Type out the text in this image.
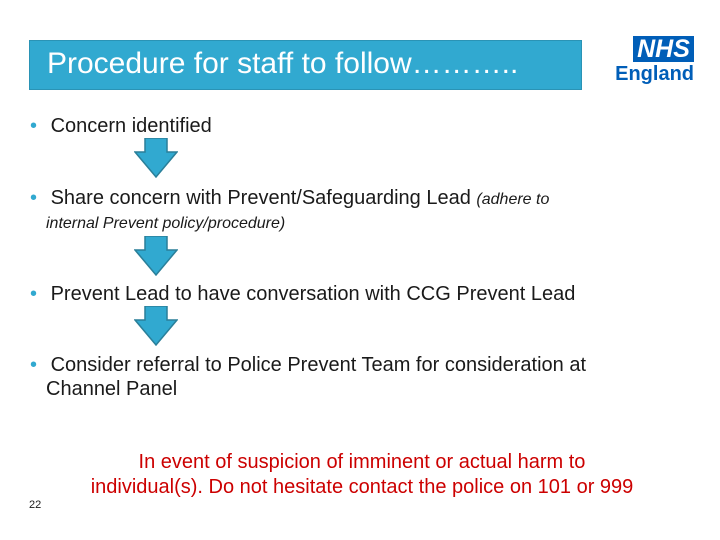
Procedure for staff to follow………..	NHS
England
• Concern identified
• Share concern with Prevent/Safeguarding Lead (adhere to
internal Prevent policy/procedure)
• Prevent Lead to have conversation with CCG Prevent Lead
• Consider referral to Police Prevent Team for consideration at
Channel Panel
In event of suspicion of imminent or actual harm to
individual(s). Do not hesitate contact the police on 101 or 999
22
